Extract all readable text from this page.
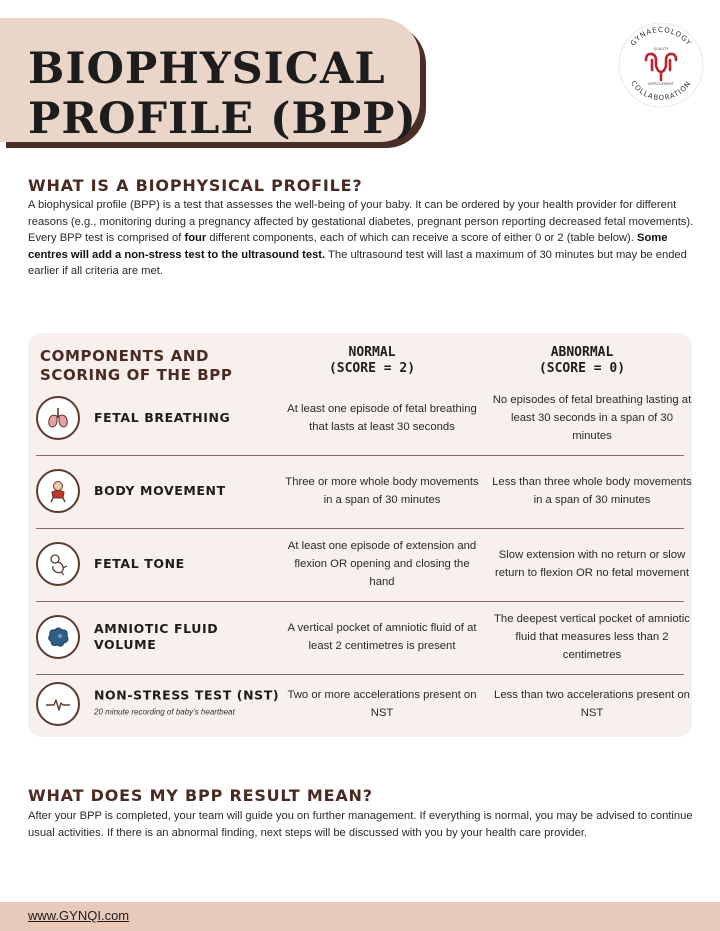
BIOPHYSICAL
PROFILE (BPP)
GYNAECOLOGY
COLLABORATION
QUALITY
IMPROVEMENT
WHAT IS A BIOPHYSICAL PROFILE?
A biophysical profile (BPP) is a test that assesses the well-being of your baby. It can be ordered by your health provider for different reasons (e.g., monitoring during a pregnancy affected by gestational diabetes, pregnant person reporting decreased fetal movements). Every BPP test is comprised of four different components, each of which can receive a score of either 0 or 2 (table below). Some centres will add a non-stress test to the ultrasound test. The ultrasound test will last a maximum of 30 minutes but may be ended earlier if all criteria are met.
COMPONENTS AND
SCORING OF THE BPP
NORMAL
(SCORE = 2)
ABNORMAL
(SCORE = 0)
FETAL BREATHING
At least one episode of fetal breathing that lasts at least 30 seconds
No episodes of fetal breathing lasting at least 30 seconds in a span of 30 minutes
BODY MOVEMENT
Three or more whole body movements in a span of 30 minutes
Less than three whole body movements in a span of 30 minutes
FETAL TONE
At least one episode of extension and flexion OR opening and closing the hand
Slow extension with no return or slow return to flexion OR no fetal movement
AMNIOTIC FLUID VOLUME
A vertical pocket of amniotic fluid of at least 2 centimetres is present
The deepest vertical pocket of amniotic fluid that measures less than 2 centimetres
NON-STRESS TEST (NST)
20 minute recording of baby's heartbeat
Two or more accelerations present on NST
Less than two accelerations present on NST
WHAT DOES MY BPP RESULT MEAN?
After your BPP is completed, your team will guide you on further management. If everything is normal, you may be advised to continue usual activities. If there is an abnormal finding, next steps will be discussed with you by your health care provider.
www.GYNQI.com
